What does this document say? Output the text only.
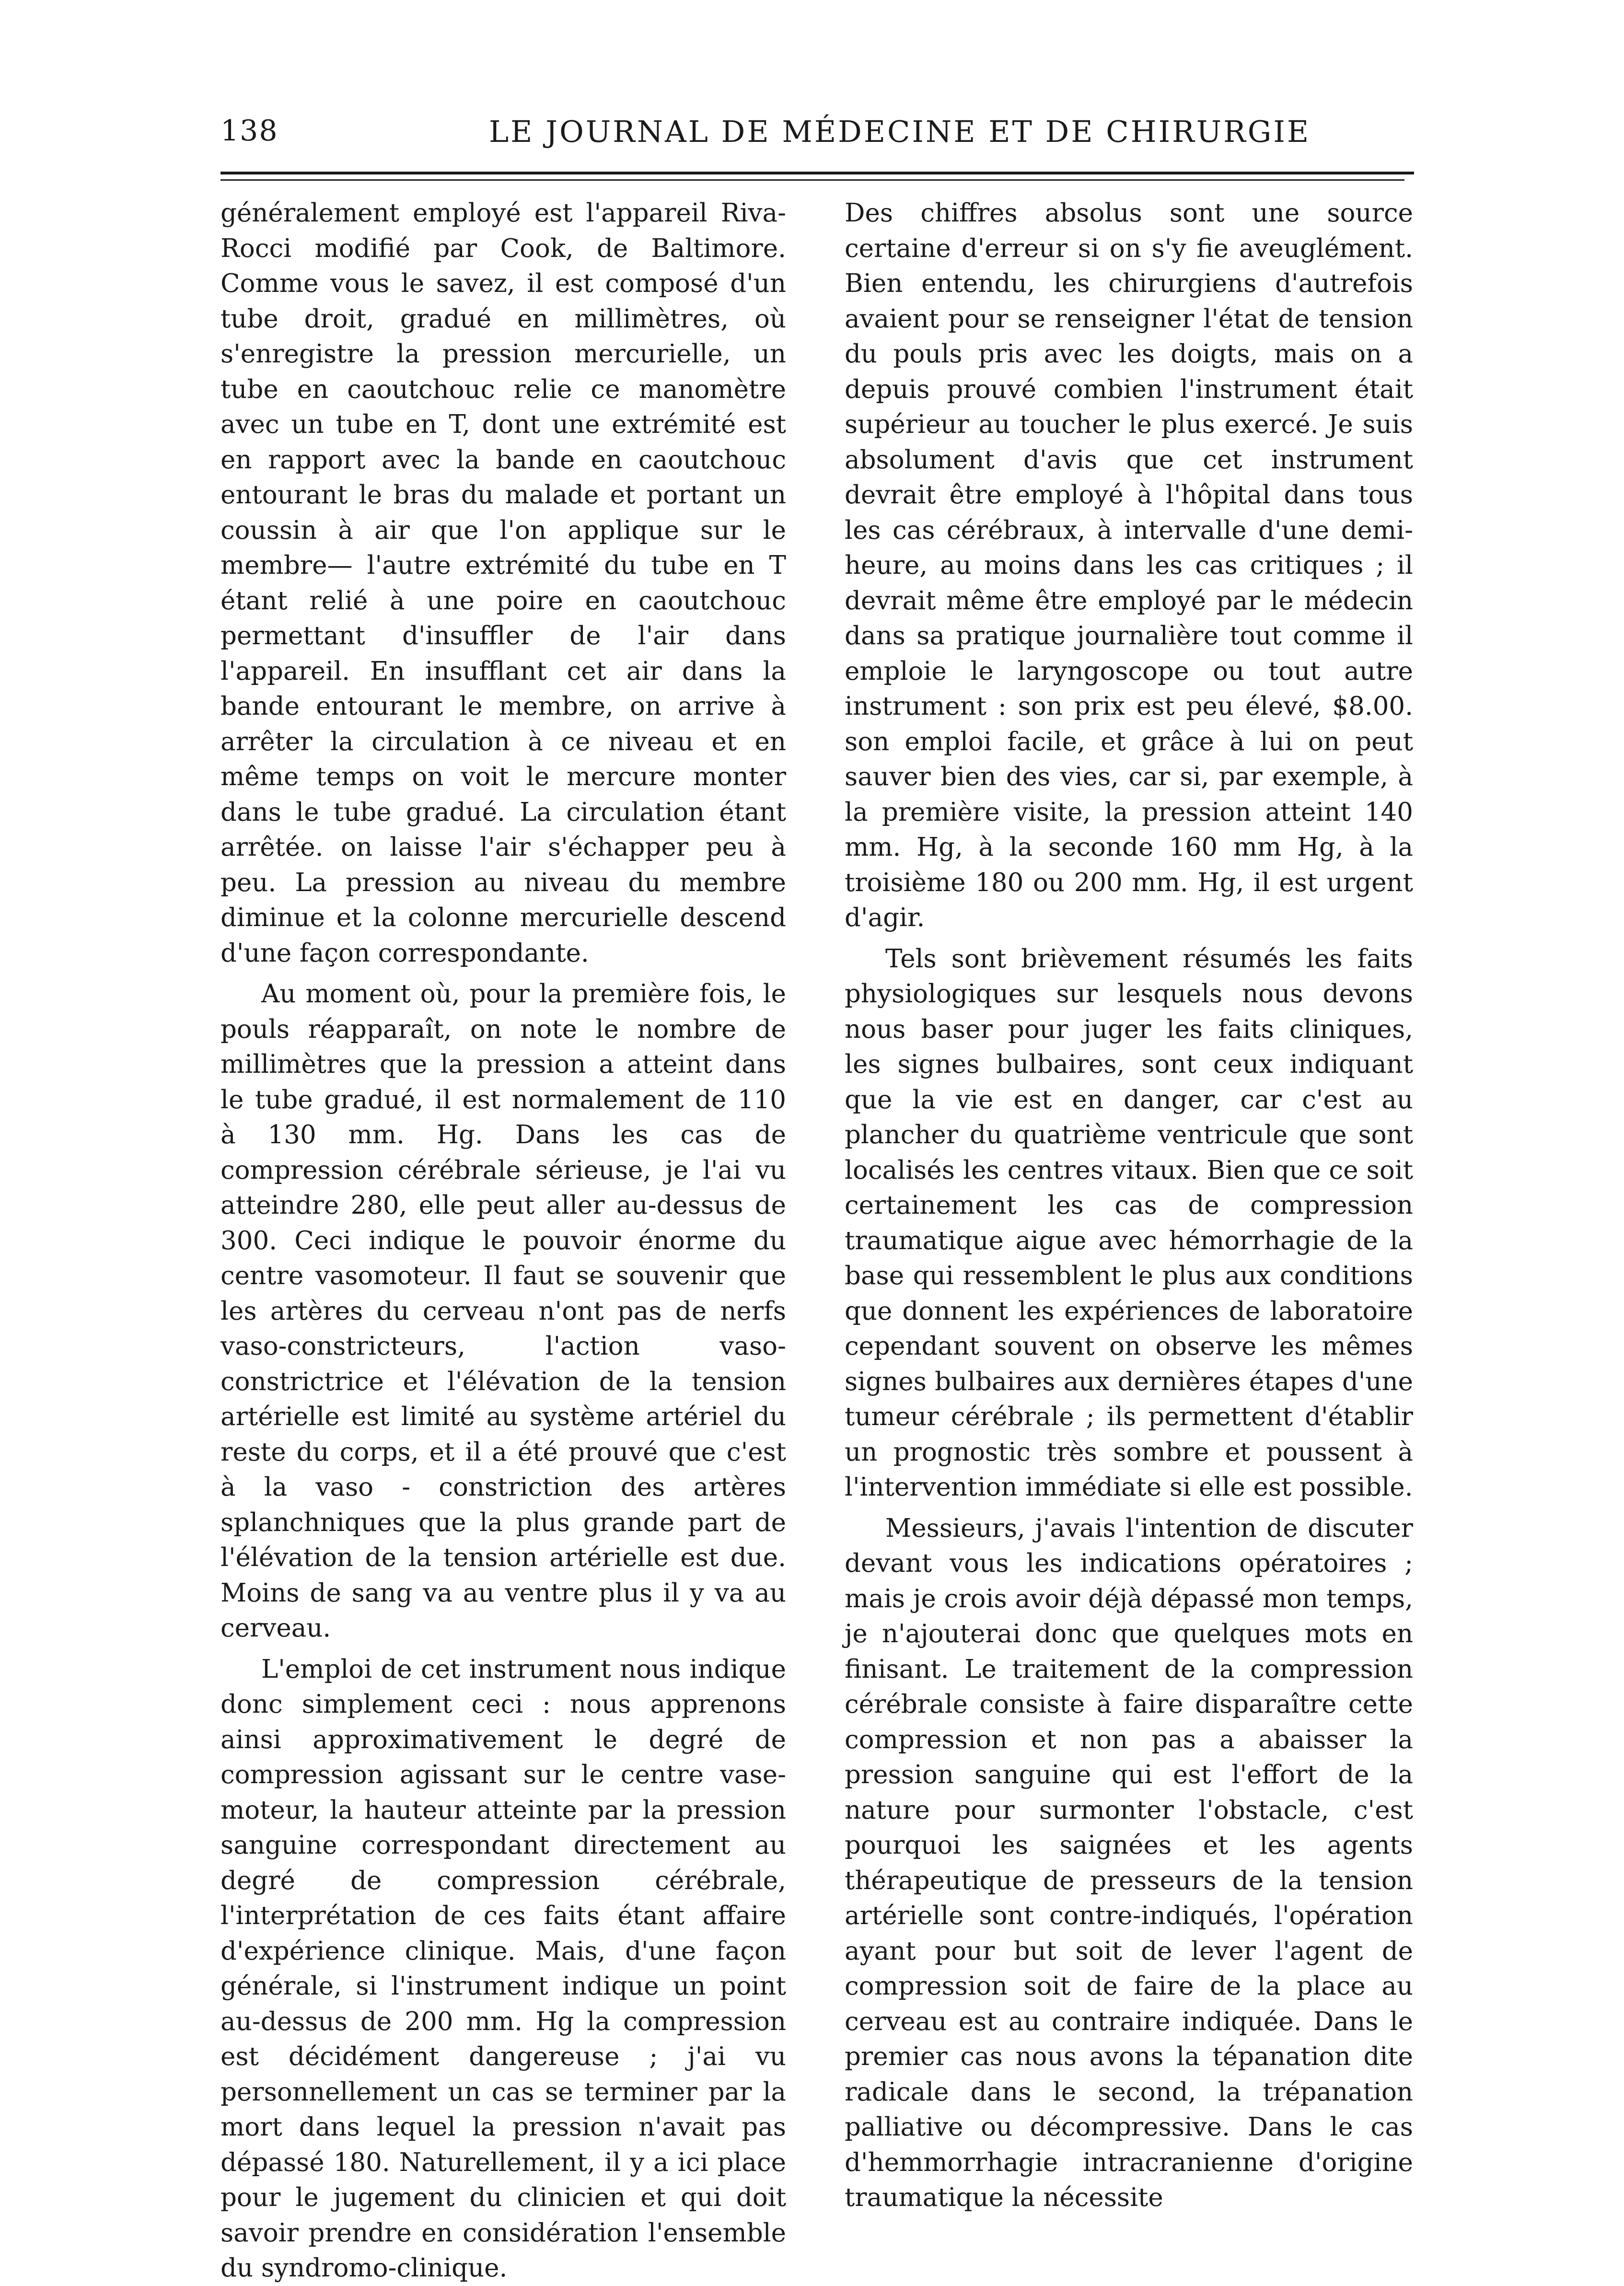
138	LE JOURNAL DE MÉDECINE ET DE CHIRURGIE

généralement employé est l'appareil Riva-Rocci modifié par Cook, de Baltimore. Comme vous le savez, il est composé d'un tube droit, gradué en millimètres, où s'enregistre la pression mercurielle, un tube en caoutchouc relie ce manomètre avec un tube en T, dont une extrémité est en rapport avec la bande en caoutchouc entourant le bras du malade et portant un coussin à air que l'on applique sur le membre— l'autre extrémité du tube en T étant relié à une poire en caoutchouc permettant d'insuffler de l'air dans l'appareil. En insufflant cet air dans la bande entourant le membre, on arrive à arrêter la circulation à ce niveau et en même temps on voit le mercure monter dans le tube gradué. La circulation étant arrêtée. on laisse l'air s'échapper peu à peu. La pression au niveau du membre diminue et la colonne mercurielle descend d'une façon correspondante.

Au moment où, pour la première fois, le pouls réapparaît, on note le nombre de millimètres que la pression a atteint dans le tube gradué, il est normalement de 110 à 130 mm. Hg. Dans les cas de compression cérébrale sérieuse, je l'ai vu atteindre 280, elle peut aller au-dessus de 300. Ceci indique le pouvoir énorme du centre vasomoteur. Il faut se souvenir que les artères du cerveau n'ont pas de nerfs vaso-constricteurs, l'action vaso-constrictrice et l'élévation de la tension artérielle est limité au système artériel du reste du corps, et il a été prouvé que c'est à la vaso - constriction des artères splanchniques que la plus grande part de l'élévation de la tension artérielle est due. Moins de sang va au ventre plus il y va au cerveau.

L'emploi de cet instrument nous indique donc simplement ceci : nous apprenons ainsi approximativement le degré de compression agissant sur le centre vase-moteur, la hauteur atteinte par la pression sanguine correspondant directement au degré de compression cérébrale, l'interprétation de ces faits étant affaire d'expérience clinique. Mais, d'une façon générale, si l'instrument indique un point au-dessus de 200 mm. Hg la compression est décidément dangereuse ; j'ai vu personnellement un cas se terminer par la mort dans lequel la pression n'avait pas dépassé 180. Naturellement, il y a ici place pour le jugement du clinicien et qui doit savoir prendre en considération l'ensemble du syndromo-clinique.

Des chiffres absolus sont une source certaine d'erreur si on s'y fie aveuglément. Bien entendu, les chirurgiens d'autrefois avaient pour se renseigner l'état de tension du pouls pris avec les doigts, mais on a depuis prouvé combien l'instrument était supérieur au toucher le plus exercé. Je suis absolument d'avis que cet instrument devrait être employé à l'hôpital dans tous les cas cérébraux, à intervalle d'une demi-heure, au moins dans les cas critiques ; il devrait même être employé par le médecin dans sa pratique journalière tout comme il emploie le laryngoscope ou tout autre instrument : son prix est peu élevé, $8.00. son emploi facile, et grâce à lui on peut sauver bien des vies, car si, par exemple, à la première visite, la pression atteint 140 mm. Hg, à la seconde 160 mm Hg, à la troisième 180 ou 200 mm. Hg, il est urgent d'agir.

Tels sont brièvement résumés les faits physiologiques sur lesquels nous devons nous baser pour juger les faits cliniques, les signes bulbaires, sont ceux indiquant que la vie est en danger, car c'est au plancher du quatrième ventricule que sont localisés les centres vitaux. Bien que ce soit certainement les cas de compression traumatique aigue avec hémorrhagie de la base qui ressemblent le plus aux conditions que donnent les expériences de laboratoire cependant souvent on observe les mêmes signes bulbaires aux dernières étapes d'une tumeur cérébrale ; ils permettent d'établir un prognostic très sombre et poussent à l'intervention immédiate si elle est possible.

Messieurs, j'avais l'intention de discuter devant vous les indications opératoires ; mais je crois avoir déjà dépassé mon temps, je n'ajouterai donc que quelques mots en finisant. Le traitement de la compression cérébrale consiste à faire disparaître cette compression et non pas a abaisser la pression sanguine qui est l'effort de la nature pour surmonter l'obstacle, c'est pourquoi les saignées et les agents thérapeutique de presseurs de la tension artérielle sont contre-indiqués, l'opération ayant pour but soit de lever l'agent de compression soit de faire de la place au cerveau est au contraire indiquée. Dans le premier cas nous avons la tépanation dite radicale dans le second, la trépanation palliative ou décompressive. Dans le cas d'hemmorrhagie intracranienne d'origine traumatique la nécessite
